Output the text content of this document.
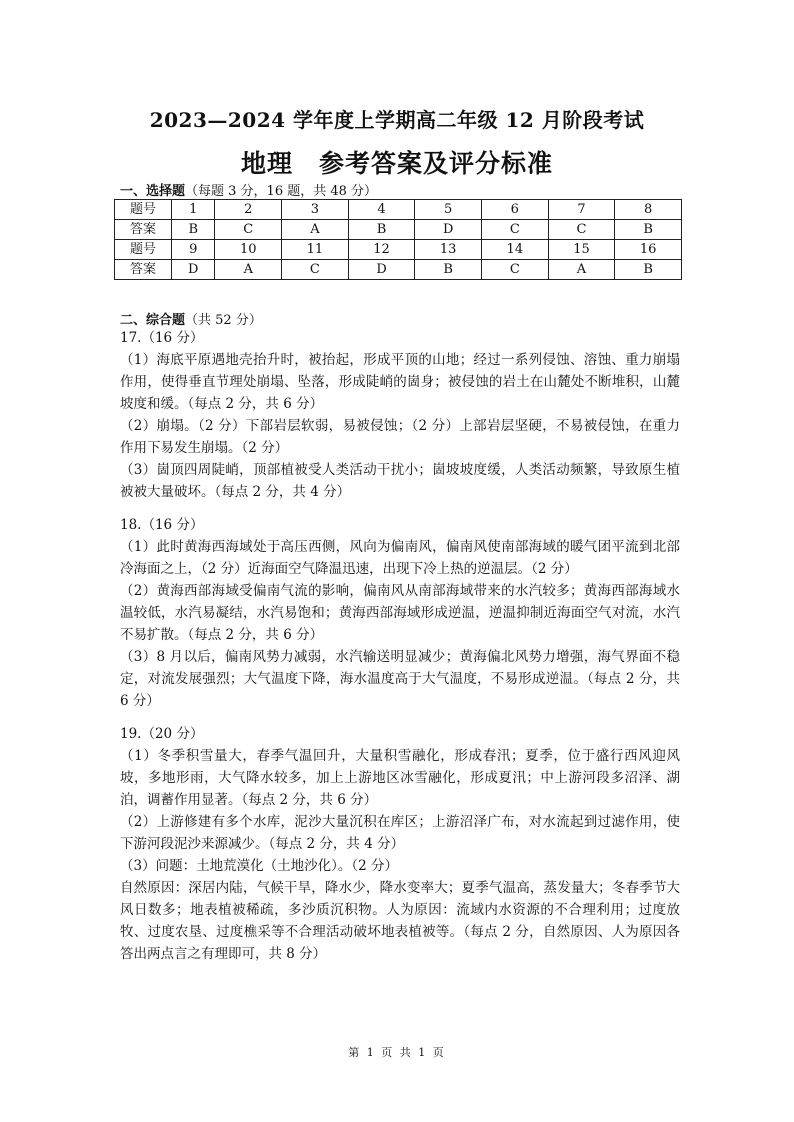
2023—2024 学年度上学期高二年级 12 月阶段考试
地理　参考答案及评分标准
一、选择题（每题 3 分，16 题，共 48 分）
题号	1	2	3	4	5	6	7	8
答案	B	C	A	B	D	C	C	B
题号	9	10	11	12	13	14	15	16
答案	D	A	C	D	B	C	A	B
二、综合题（共 52 分）
17.（16 分）

（1）海底平原遇地壳抬升时，被抬起，形成平顶的山地；经过一系列侵蚀、溶蚀、重力崩塌作用，使得垂直节理处崩塌、坠落，形成陡峭的崮身；被侵蚀的岩土在山麓处不断堆积，山麓坡度和缓。（每点 2 分，共 6 分）

（2）崩塌。（2 分）下部岩层软弱，易被侵蚀；（2 分）上部岩层坚硬，不易被侵蚀，在重力作用下易发生崩塌。（2 分）

（3）崮顶四周陡峭，顶部植被受人类活动干扰小；崮坡坡度缓，人类活动频繁，导致原生植被被大量破坏。（每点 2 分，共 4 分）

18.（16 分）

（1）此时黄海西海域处于高压西侧，风向为偏南风，偏南风使南部海域的暖气团平流到北部冷海面之上，（2 分）近海面空气降温迅速，出现下冷上热的逆温层。（2 分）

（2）黄海西部海域受偏南气流的影响，偏南风从南部海域带来的水汽较多；黄海西部海域水温较低，水汽易凝结，水汽易饱和；黄海西部海域形成逆温，逆温抑制近海面空气对流，水汽不易扩散。（每点 2 分，共 6 分）

（3）8 月以后，偏南风势力减弱，水汽输送明显减少；黄海偏北风势力增强，海气界面不稳定，对流发展强烈；大气温度下降，海水温度高于大气温度，不易形成逆温。（每点 2 分，共 6 分）

19.（20 分）

（1）冬季积雪量大，春季气温回升，大量积雪融化，形成春汛；夏季，位于盛行西风迎风坡，多地形雨，大气降水较多，加上上游地区冰雪融化，形成夏汛；中上游河段多沼泽、湖泊，调蓄作用显著。（每点 2 分，共 6 分）

（2）上游修建有多个水库，泥沙大量沉积在库区；上游沼泽广布，对水流起到过滤作用，使下游河段泥沙来源减少。（每点 2 分，共 4 分）

（3）问题：土地荒漠化（土地沙化）。（2 分）

自然原因：深居内陆，气候干旱，降水少，降水变率大；夏季气温高，蒸发量大；冬春季节大风日数多；地表植被稀疏，多沙质沉积物。人为原因：流域内水资源的不合理利用；过度放牧、过度农垦、过度樵采等不合理活动破坏地表植被等。（每点 2 分，自然原因、人为原因各答出两点言之有理即可，共 8 分）

第 1 页 共 1 页
